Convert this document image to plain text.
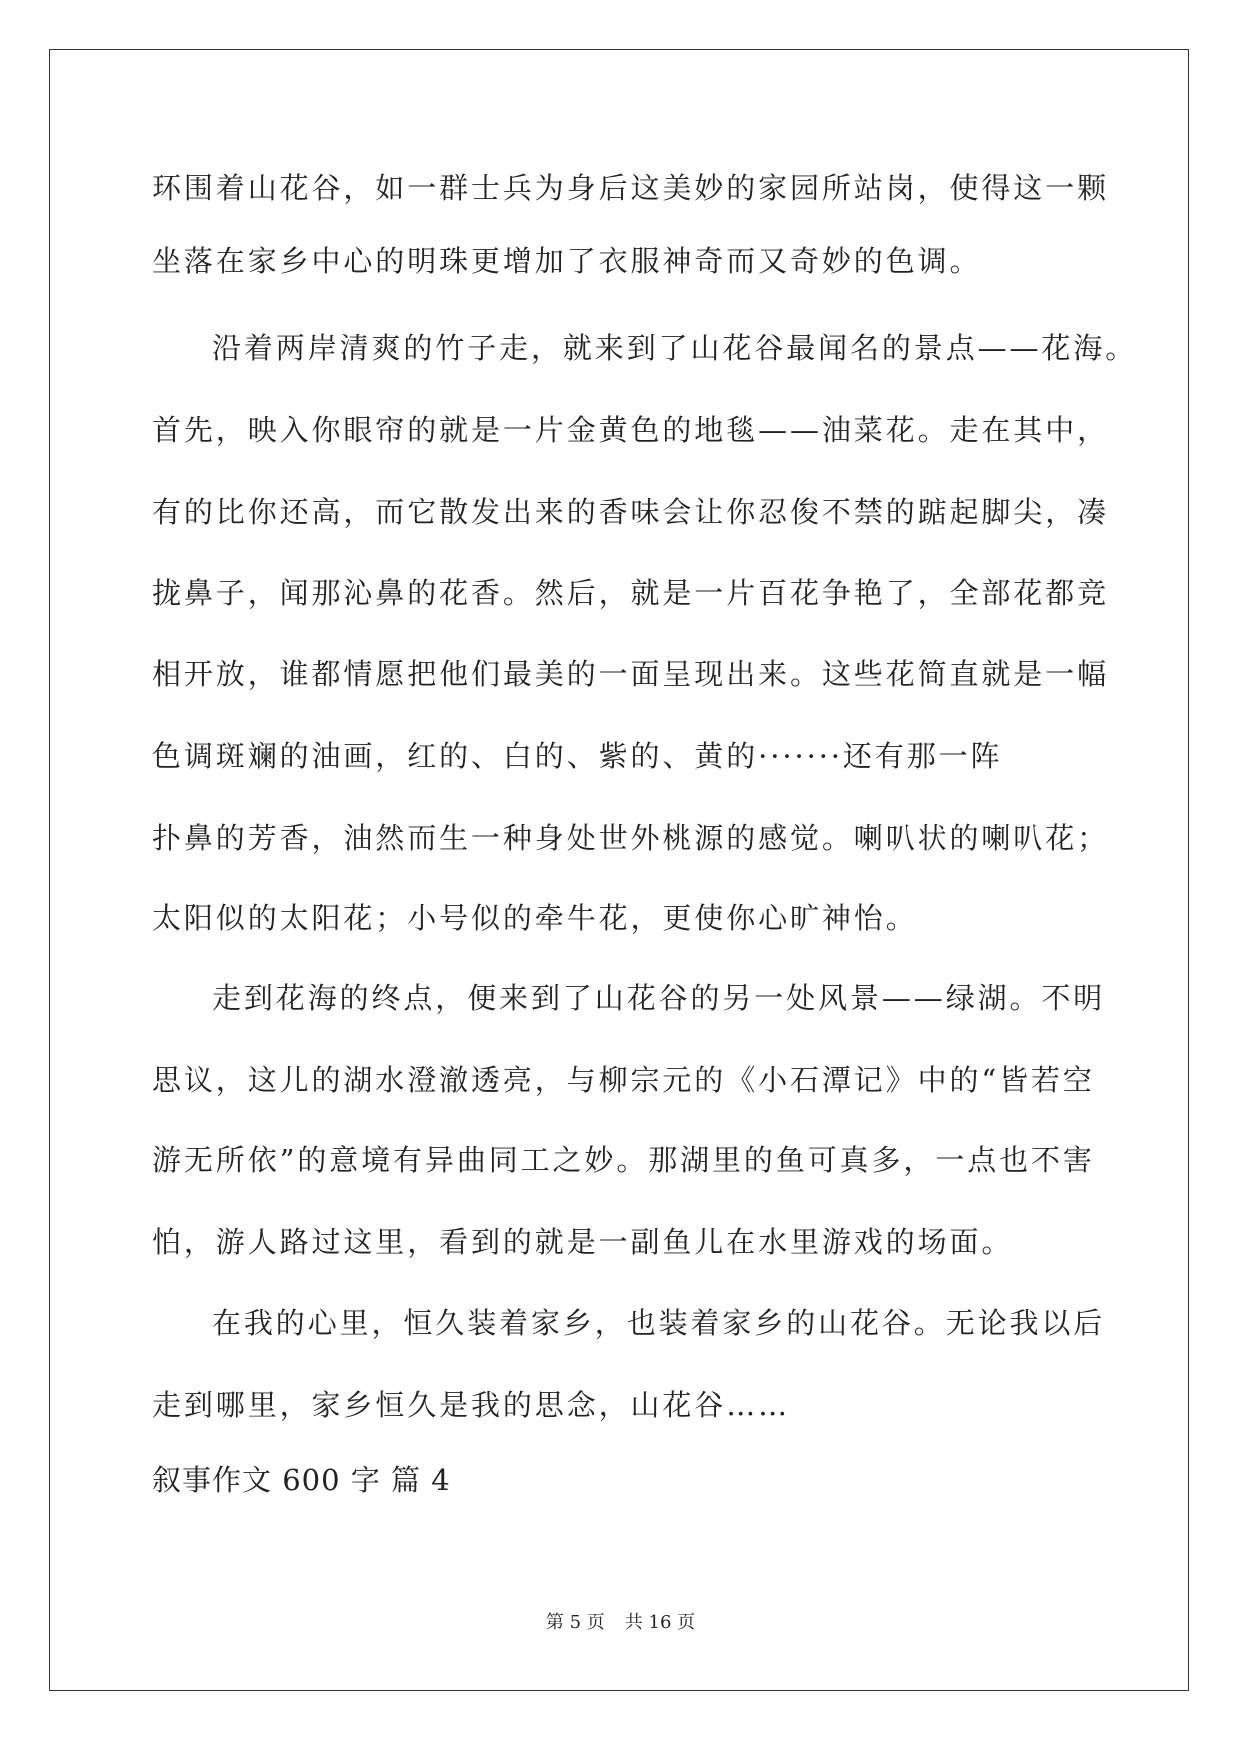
环围着山花谷，如一群士兵为身后这美妙的家园所站岗，使得这一颗

坐落在家乡中心的明珠更增加了衣服神奇而又奇妙的色调。

沿着两岸清爽的竹子走，就来到了山花谷最闻名的景点——花海。

首先，映入你眼帘的就是一片金黄色的地毯——油菜花。走在其中，

有的比你还高，而它散发出来的香味会让你忍俊不禁的踮起脚尖，凑

拢鼻子，闻那沁鼻的花香。然后，就是一片百花争艳了，全部花都竞

相开放，谁都情愿把他们最美的一面呈现出来。这些花简直就是一幅

色调斑斓的油画，红的、白的、紫的、黄的·······还有那一阵

扑鼻的芳香，油然而生一种身处世外桃源的感觉。喇叭状的喇叭花；

太阳似的太阳花；小号似的牵牛花，更使你心旷神怡。

走到花海的终点，便来到了山花谷的另一处风景——绿湖。不明

思议，这儿的湖水澄澈透亮，与柳宗元的《小石潭记》中的“皆若空

游无所依”的意境有异曲同工之妙。那湖里的鱼可真多，一点也不害

怕，游人路过这里，看到的就是一副鱼儿在水里游戏的场面。

在我的心里，恒久装着家乡，也装着家乡的山花谷。无论我以后

走到哪里，家乡恒久是我的思念，山花谷……

叙事作文 600 字 篇 4

第 5 页 共 16 页
